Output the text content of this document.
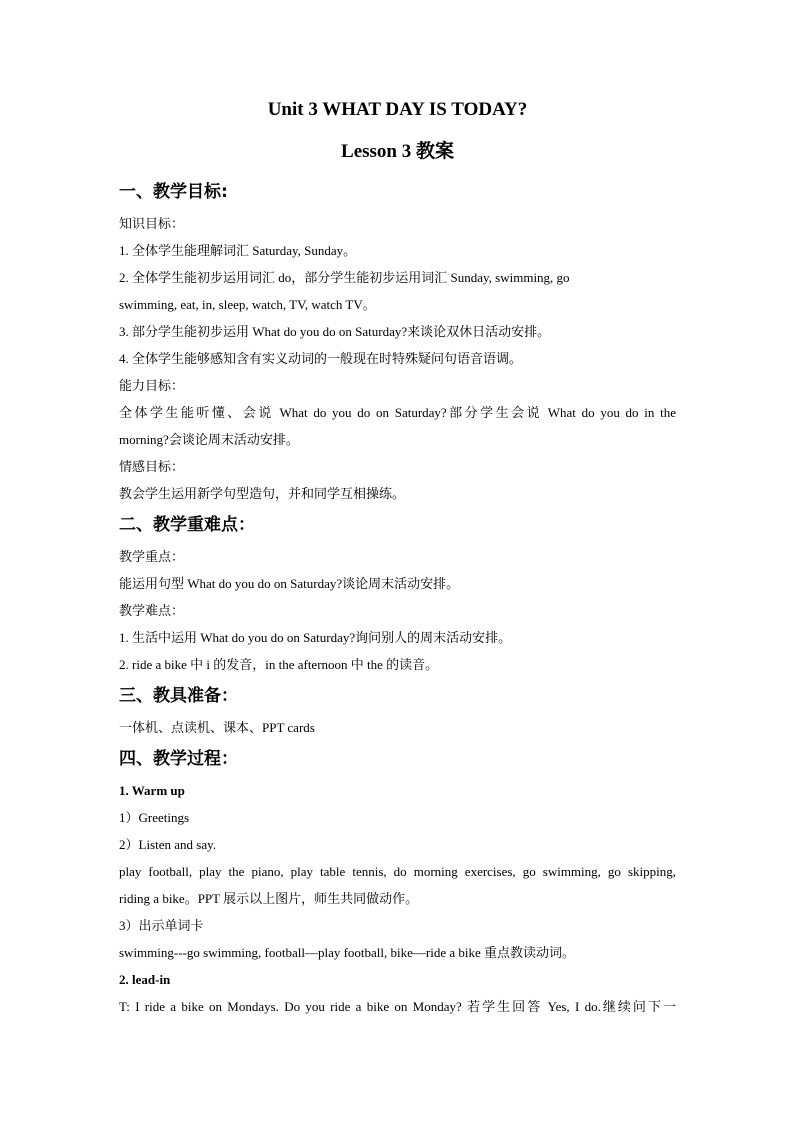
Unit 3 WHAT DAY IS TODAY?
Lesson 3 教案
一、教学目标:
知识目标：
1. 全体学生能理解词汇 Saturday, Sunday。
2. 全体学生能初步运用词汇 do，部分学生能初步运用词汇 Sunday, swimming, go
swimming, eat, in, sleep, watch, TV, watch TV。
3. 部分学生能初步运用 What do you do on Saturday?来谈论双休日活动安排。
4. 全体学生能够感知含有实义动词的一般现在时特殊疑问句语音语调。
能力目标：
全体学生能听懂、会说 What do you do on Saturday?部分学生会说 What do you do in the
morning?会谈论周末活动安排。
情感目标：
教会学生运用新学句型造句，并和同学互相操练。
二、教学重难点：
教学重点：
能运用句型 What do you do on Saturday?谈论周末活动安排。
教学难点：
1. 生活中运用 What do you do on Saturday?询问别人的周末活动安排。
2. ride a bike 中 i 的发音，in the afternoon 中 the 的读音。
三、教具准备：
一体机、点读机、课本、PPT cards
四、教学过程：
1. Warm up
1）Greetings
2）Listen and say.
play football, play the piano, play table tennis, do morning exercises, go swimming, go skipping,
riding a bike。PPT 展示以上图片，师生共同做动作。
3）出示单词卡
swimming---go swimming, football—play football, bike—ride a bike 重点教读动词。
2. lead-in
T: I ride a bike on Mondays. Do you ride a bike on Monday? 若学生回答 Yes, I do.继续问下一
